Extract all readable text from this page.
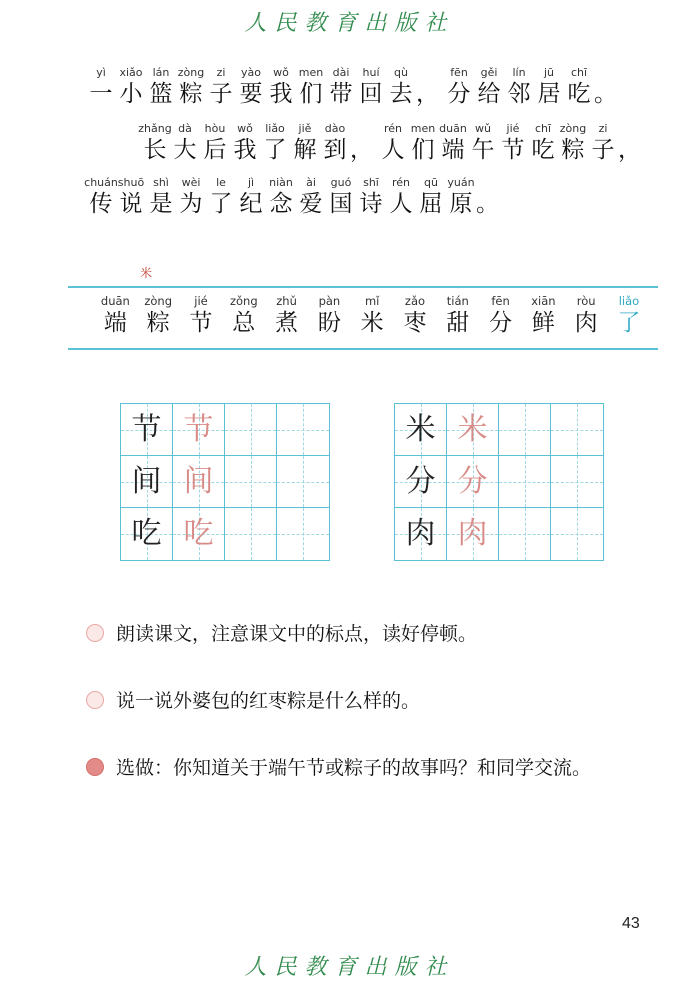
人民教育出版社
yì
一
xiǎo
小
lán
篮
zòng
粽
zi
子
yào
要
wǒ
我
men
们
dài
带
huí
回
qù
去 ，
fēn
分
gěi
给
lín
邻
jū
居
chī
吃 。
zhǎng
长
dà
大
hòu
后
wǒ
我
liǎo
了
jiě
解
dào
到 ，
rén
人
men
们
duān
端
wǔ
午
jié
节
chī
吃
zòng
粽
zi
子 ，
chuán
传
shuō
说
shì
是
wèi
为
le
了
jì
纪
niàn
念
ài
爱
guó
国
shī
诗
rén
人
qū
屈
yuán
原 。
米
duān
端
zòng
粽
jié
节
zǒng
总
zhǔ
煮
pàn
盼
mǐ
米
zǎo
枣
tián
甜
fēn
分
xiān
鲜
ròu
肉
liǎo
了
节 节
间 间
吃 吃
米 米
分 分
肉 肉
朗读课文，注意课文中的标点，读好停顿。
说一说外婆包的红枣粽是什么样的。
选做：你知道关于端午节或粽子的故事吗？和同学交流。
43
人民教育出版社
